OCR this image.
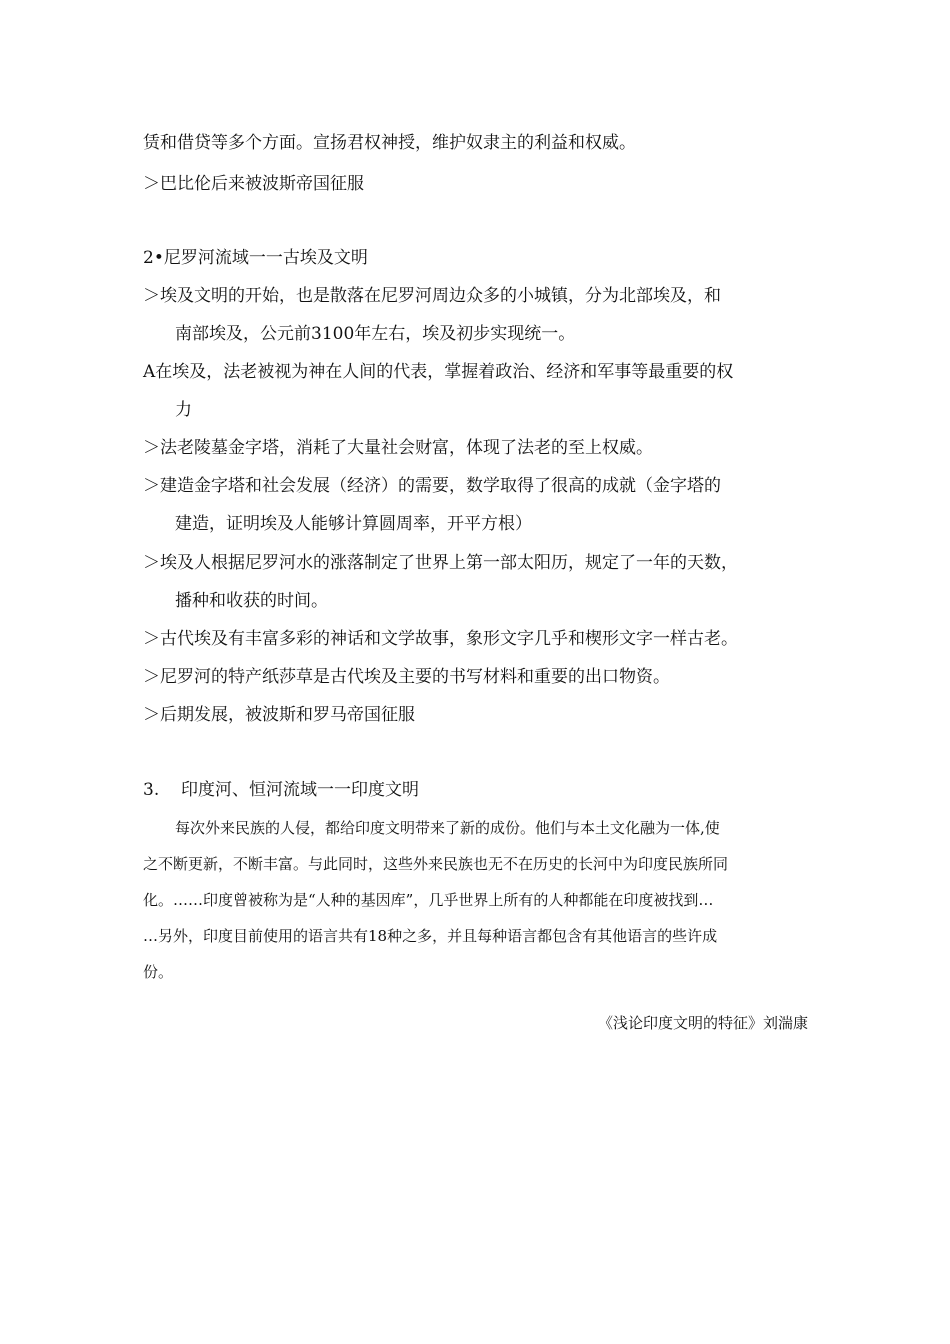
赁和借贷等多个方面。宣扬君权神授，维护奴隶主的利益和权威。
＞巴比伦后来被波斯帝国征服
2•尼罗河流域一一古埃及文明
＞埃及文明的开始，也是散落在尼罗河周边众多的小城镇，分为北部埃及，和
南部埃及，公元前3100年左右，埃及初步实现统一。
A在埃及，法老被视为神在人间的代表，掌握着政治、经济和军事等最重要的权
力
＞法老陵墓金字塔，消耗了大量社会财富，体现了法老的至上权威。
＞建造金字塔和社会发展（经济）的需要，数学取得了很高的成就（金字塔的
建造，证明埃及人能够计算圆周率，开平方根）
＞埃及人根据尼罗河水的涨落制定了世界上第一部太阳历，规定了一年的天数，
播种和收获的时间。
＞古代埃及有丰富多彩的神话和文学故事，象形文字几乎和楔形文字一样古老。
＞尼罗河的特产纸莎草是古代埃及主要的书写材料和重要的出口物资。
＞后期发展，被波斯和罗马帝国征服
3. 印度河、恒河流域一一印度文明
每次外来民族的人侵，都给印度文明带来了新的成份。他们与本土文化融为一体,使
之不断更新，不断丰富。与此同时，这些外来民族也无不在历史的长河中为印度民族所同
化。……印度曾被称为是“人种的基因库”，几乎世界上所有的人种都能在印度被找到…
…另外，印度目前使用的语言共有18种之多，并且每种语言都包含有其他语言的些许成
份。
《浅论印度文明的特征》刘湍康
